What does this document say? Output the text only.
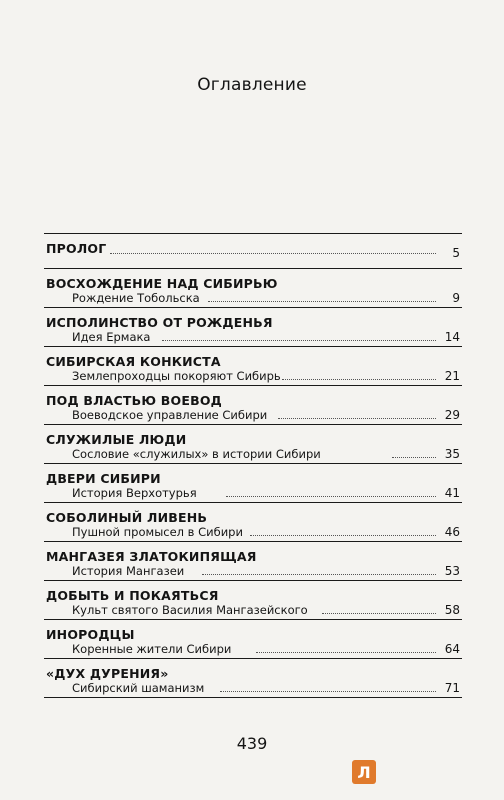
Оглавление
ПРОЛОГ	5
ВОСХОЖДЕНИЕ НАД СИБИРЬЮ
Рождение Тобольска	9
ИСПОЛИНСТВО ОТ РОЖДЕНЬЯ
Идея Ермака	14
СИБИРСКАЯ КОНКИСТА
Землепроходцы покоряют Сибирь	21
ПОД ВЛАСТЬЮ ВОЕВОД
Воеводское управление Сибири	29
СЛУЖИЛЫЕ ЛЮДИ
Сословие «служилых» в истории Сибири	35
ДВЕРИ СИБИРИ
История Верхотурья	41
СОБОЛИНЫЙ ЛИВЕНЬ
Пушной промысел в Сибири	46
МАНГАЗЕЯ ЗЛАТОКИПЯЩАЯ
История Мангазеи	53
ДОБЫТЬ И ПОКАЯТЬСЯ
Культ святого Василия Мангазейского	58
ИНОРОДЦЫ
Коренные жители Сибири	64
«ДУХ ДУРЕНИЯ»
Сибирский шаманизм	71
439
Л
